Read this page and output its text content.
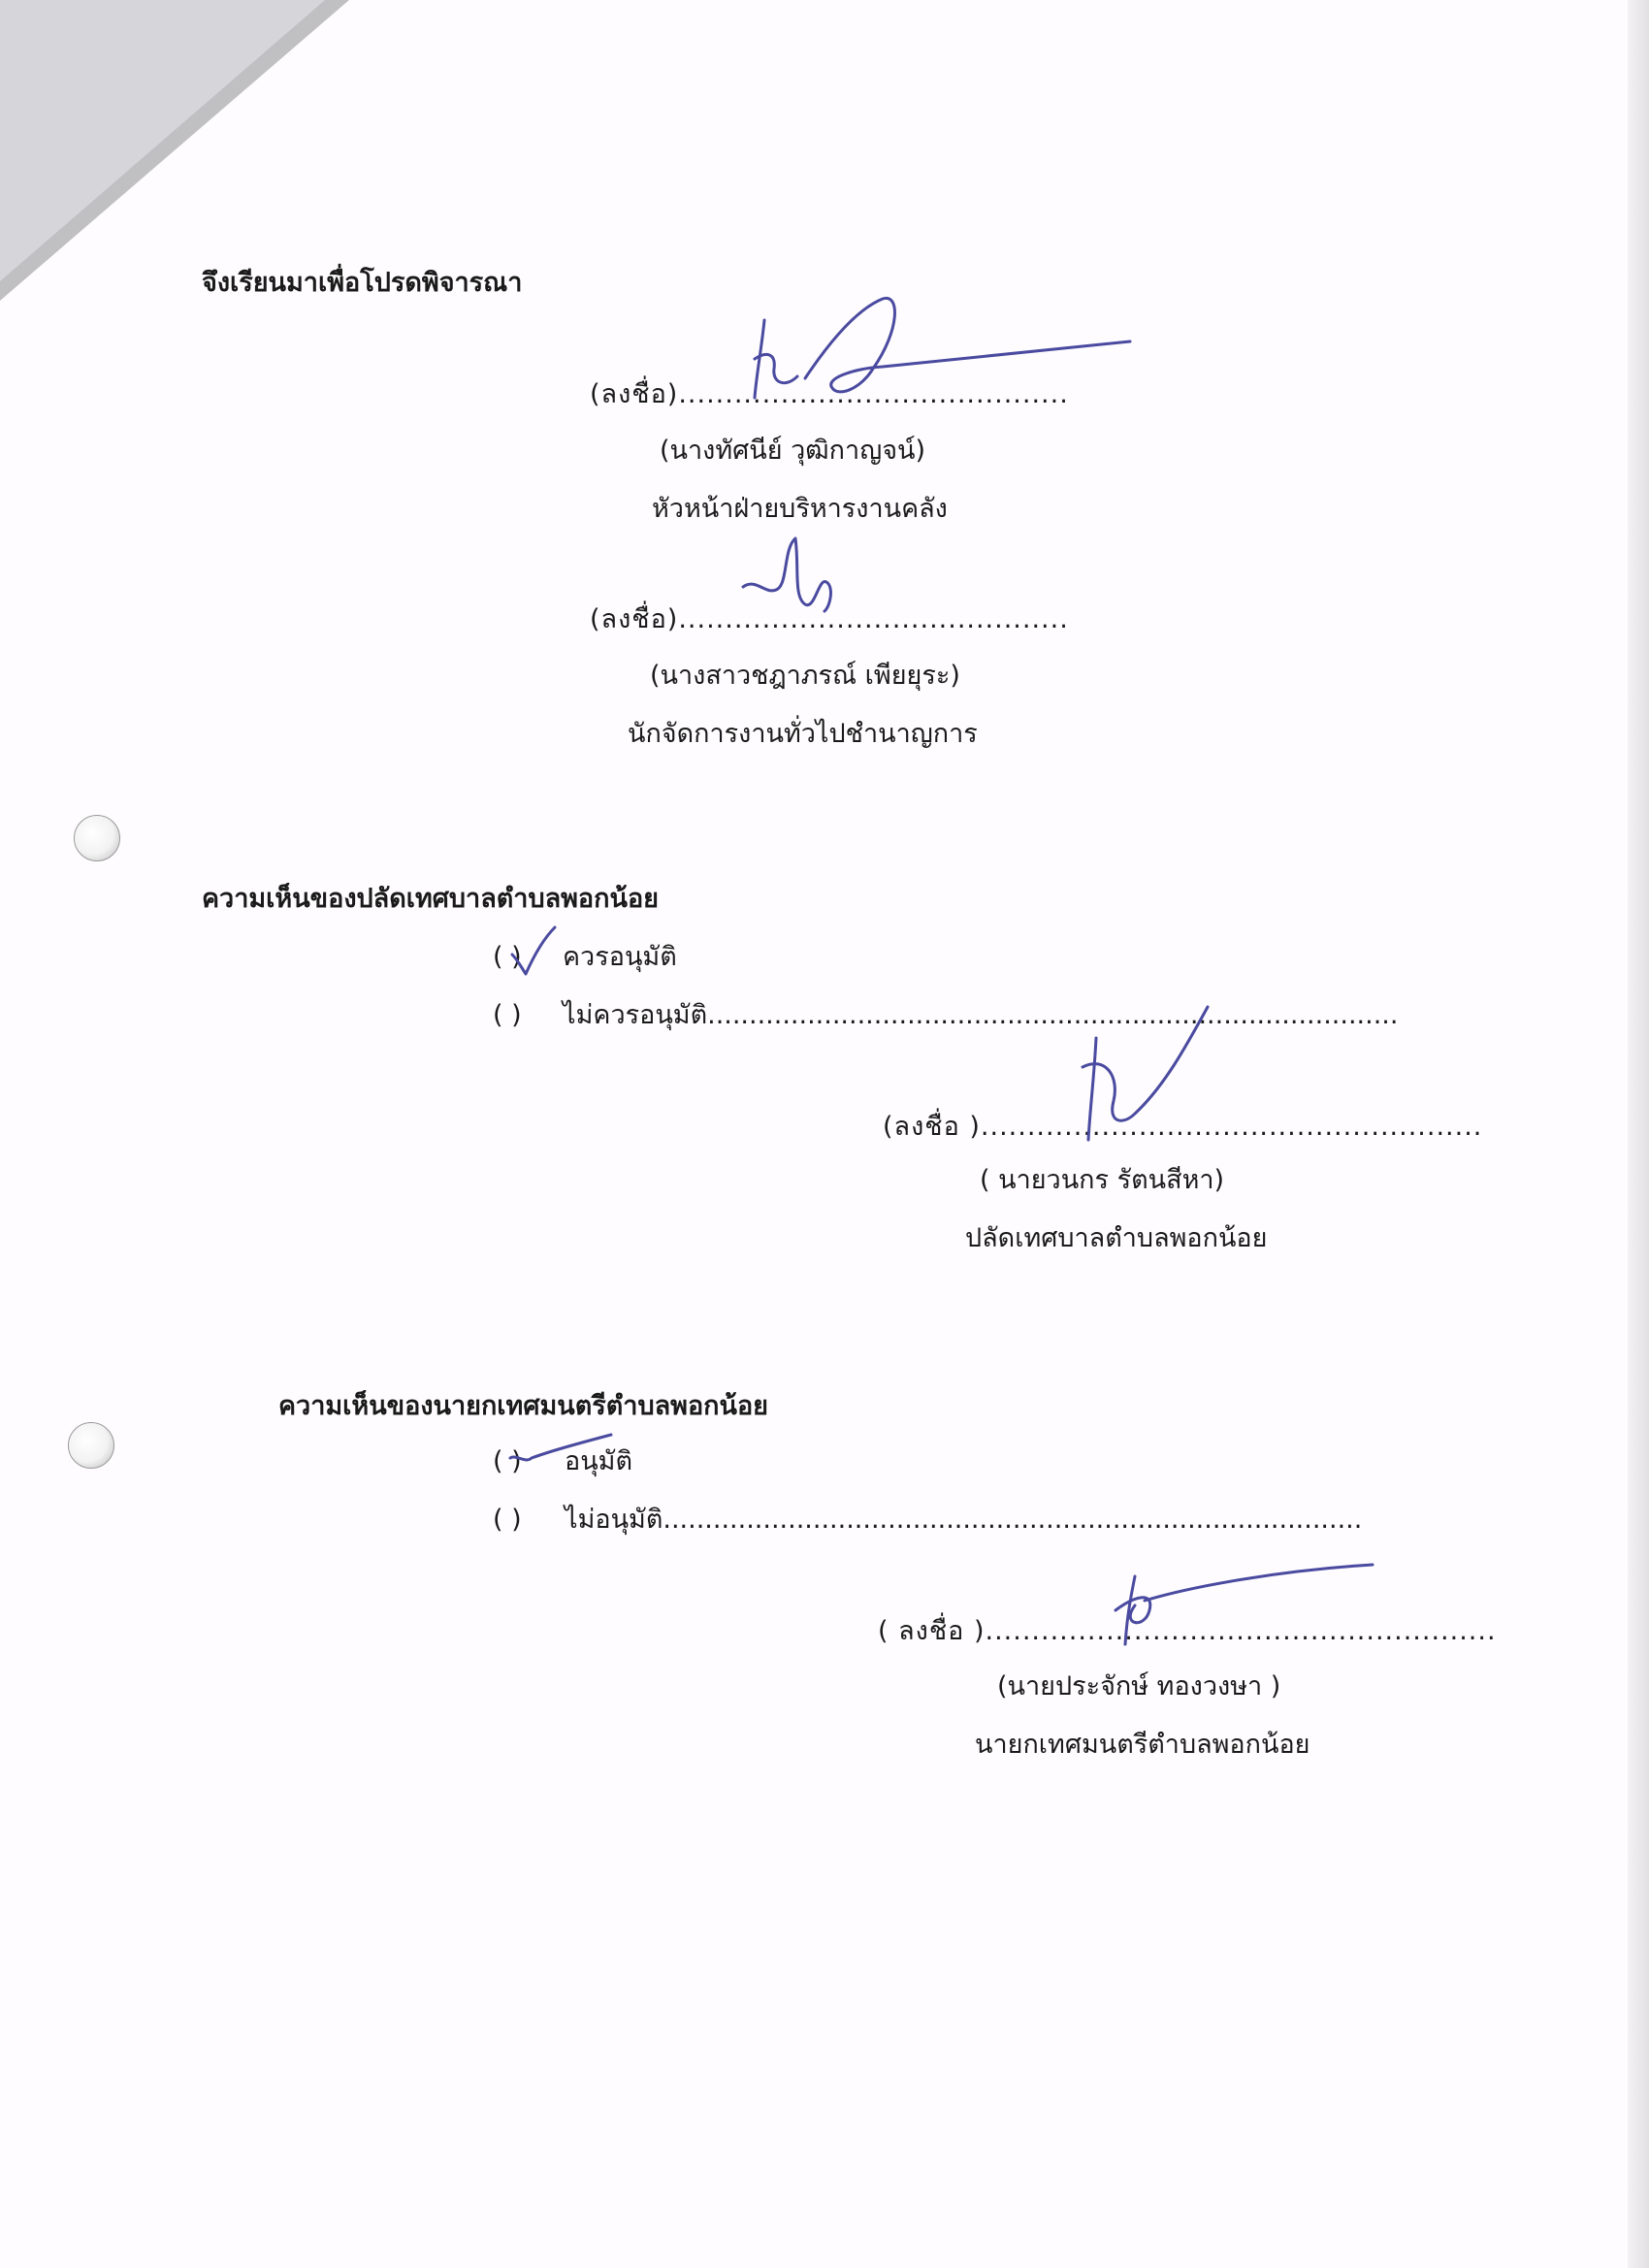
จึงเรียนมาเพื่อโปรดพิจารณา
(ลงชื่อ)..........................................
(นางทัศนีย์ วุฒิกาญจน์)
หัวหน้าฝ่ายบริหารงานคลัง
(ลงชื่อ)..........................................
(นางสาวชฎาภรณ์ เพียยุระ)
นักจัดการงานทั่วไปชำนาญการ
ความเห็นของปลัดเทศบาลตำบลพอกน้อย
( ) ควรอนุมัติ
( ) ไม่ควรอนุมัติ...................................................................................
(ลงชื่อ )......................................................
( นายวนกร รัตนสีหา)
ปลัดเทศบาลตำบลพอกน้อย
ความเห็นของนายกเทศมนตรีตำบลพอกน้อย
( ) อนุมัติ
( ) ไม่อนุมัติ....................................................................................
( ลงชื่อ ).......................................................
(นายประจักษ์ ทองวงษา )
นายกเทศมนตรีตำบลพอกน้อย
